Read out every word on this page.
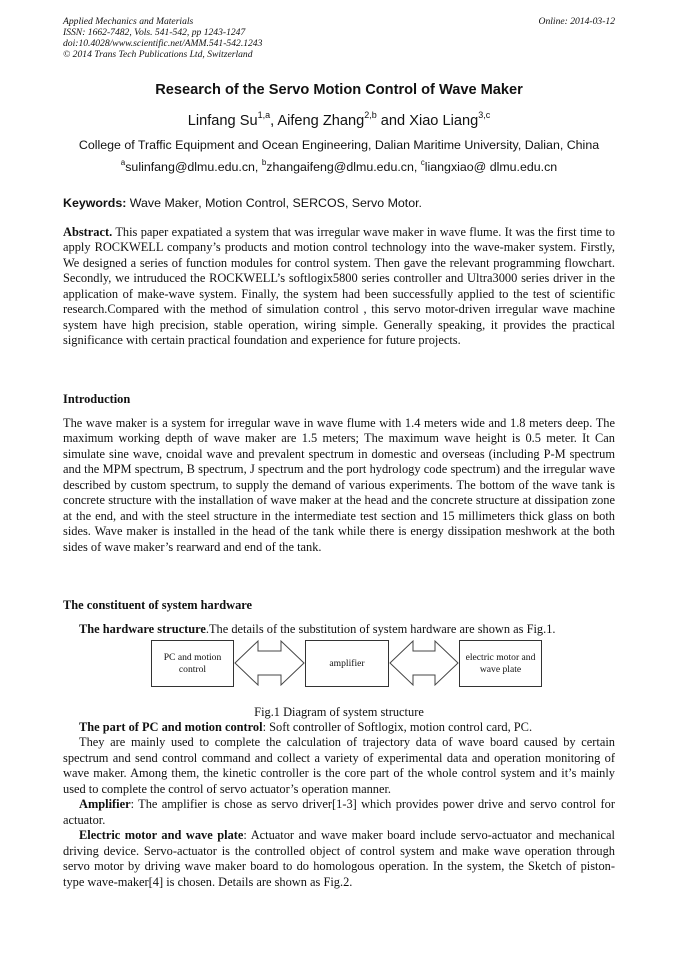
Applied Mechanics and Materials
ISSN: 1662-7482, Vols. 541-542, pp 1243-1247
doi:10.4028/www.scientific.net/AMM.541-542.1243
© 2014 Trans Tech Publications Ltd, Switzerland
Online: 2014-03-12
Research of the Servo Motion Control of Wave Maker
Linfang Su$^{1,a}$, Aifeng Zhang$^{2,b}$ and Xiao Liang$^{3,c}$
College of Traffic Equipment and Ocean Engineering, Dalian Maritime University, Dalian, China
$^a$sulinfang@dlmu.edu.cn, $^b$zhangaifeng@dlmu.edu.cn, $^c$liangxiao@ dlmu.edu.cn
Keywords: Wave Maker, Motion Control, SERCOS, Servo Motor.
Abstract. This paper expatiated a system that was irregular wave maker in wave flume. It was the first time to apply ROCKWELL company’s products and motion control technology into the wave-maker system. Firstly, We designed a series of function modules for control system. Then gave the relevant programming flowchart. Secondly, we intruduced the ROCKWELL’s softlogix5800 series controller and Ultra3000 series driver in the application of make-wave system. Finally, the system had been successfully applied to the test of scientific research.Compared with the method of simulation control , this servo motor-driven irregular wave machine system have high precision, stable operation, wiring simple. Generally speaking, it provides the practical significance with certain practical foundation and experience for future projects.
Introduction
The wave maker is a system for irregular wave in wave flume with 1.4 meters wide and 1.8 meters deep. The maximum working depth of wave maker are 1.5 meters; The maximum wave height is 0.5 meter. It Can simulate sine wave, cnoidal wave and prevalent spectrum in domestic and overseas (including P-M spectrum and the MPM spectrum, B spectrum, J spectrum and the port hydrology code spectrum) and the irregular wave described by custom spectrum, to supply the demand of various experiments. The bottom of the wave tank is concrete structure with the installation of wave maker at the head and the concrete structure at dissipation zone at the end, and with the steel structure in the intermediate test section and 15 millimeters thick glass on both sides. Wave maker is installed in the head of the tank while there is energy dissipation meshwork at the both sides of wave maker’s rearward and end of the tank.
The constituent of system hardware
The hardware structure.The details of the substitution of system hardware are shown as Fig.1.
PC and motion
control
amplifier
electric motor and
wave plate
Fig.1 Diagram of system structure

The part of PC and motion control: Soft controller of Softlogix, motion control card, PC.

They are mainly used to complete the calculation of trajectory data of wave board caused by certain spectrum and send control command and collect a variety of experimental data and operation monitoring of wave maker. Among them, the kinetic controller is the core part of the whole control system and it’s mainly used to complete the control of servo actuator’s operation manner.

Amplifier: The amplifier is chose as servo driver[1-3] which provides power drive and servo control for actuator.

Electric motor and wave plate: Actuator and wave maker board include servo-actuator and mechanical driving device. Servo-actuator is the controlled object of control system and make wave operation through servo motor by driving wave maker board to do homologous operation. In the system, the Sketch of piston-type wave-maker[4] is chosen. Details are shown as Fig.2.
